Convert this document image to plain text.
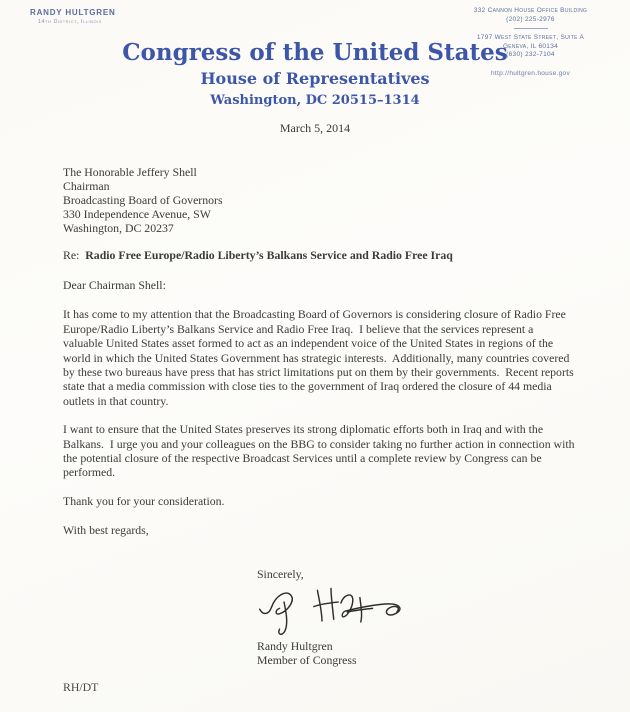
RANDY HULTGREN
14th District, Illinois
332 Cannon House Office Building
(202) 225-2976
1797 West State Street, Suite A
Geneva, IL 60134
(630) 232-7104
http://hultgren.house.gov
Congress of the United States
House of Representatives
Washington, DC 20515–1314
March 5, 2014
The Honorable Jeffery Shell
Chairman
Broadcasting Board of Governors
330 Independence Avenue, SW
Washington, DC 20237
Re:  Radio Free Europe/Radio Liberty’s Balkans Service and Radio Free Iraq
Dear Chairman Shell:
It has come to my attention that the Broadcasting Board of Governors is considering closure of Radio Free Europe/Radio Liberty’s Balkans Service and Radio Free Iraq.  I believe that the services represent a valuable United States asset formed to act as an independent voice of the United States in regions of the world in which the United States Government has strategic interests.  Additionally, many countries covered by these two bureaus have press that has strict limitations put on them by their governments.  Recent reports state that a media commission with close ties to the government of Iraq ordered the closure of 44 media outlets in that country.
I want to ensure that the United States preserves its strong diplomatic efforts both in Iraq and with the Balkans.  I urge you and your colleagues on the BBG to consider taking no further action in connection with the potential closure of the respective Broadcast Services until a complete review by Congress can be performed.
Thank you for your consideration.
With best regards,
Sincerely,
Randy Hultgren
Member of Congress
RH/DT
